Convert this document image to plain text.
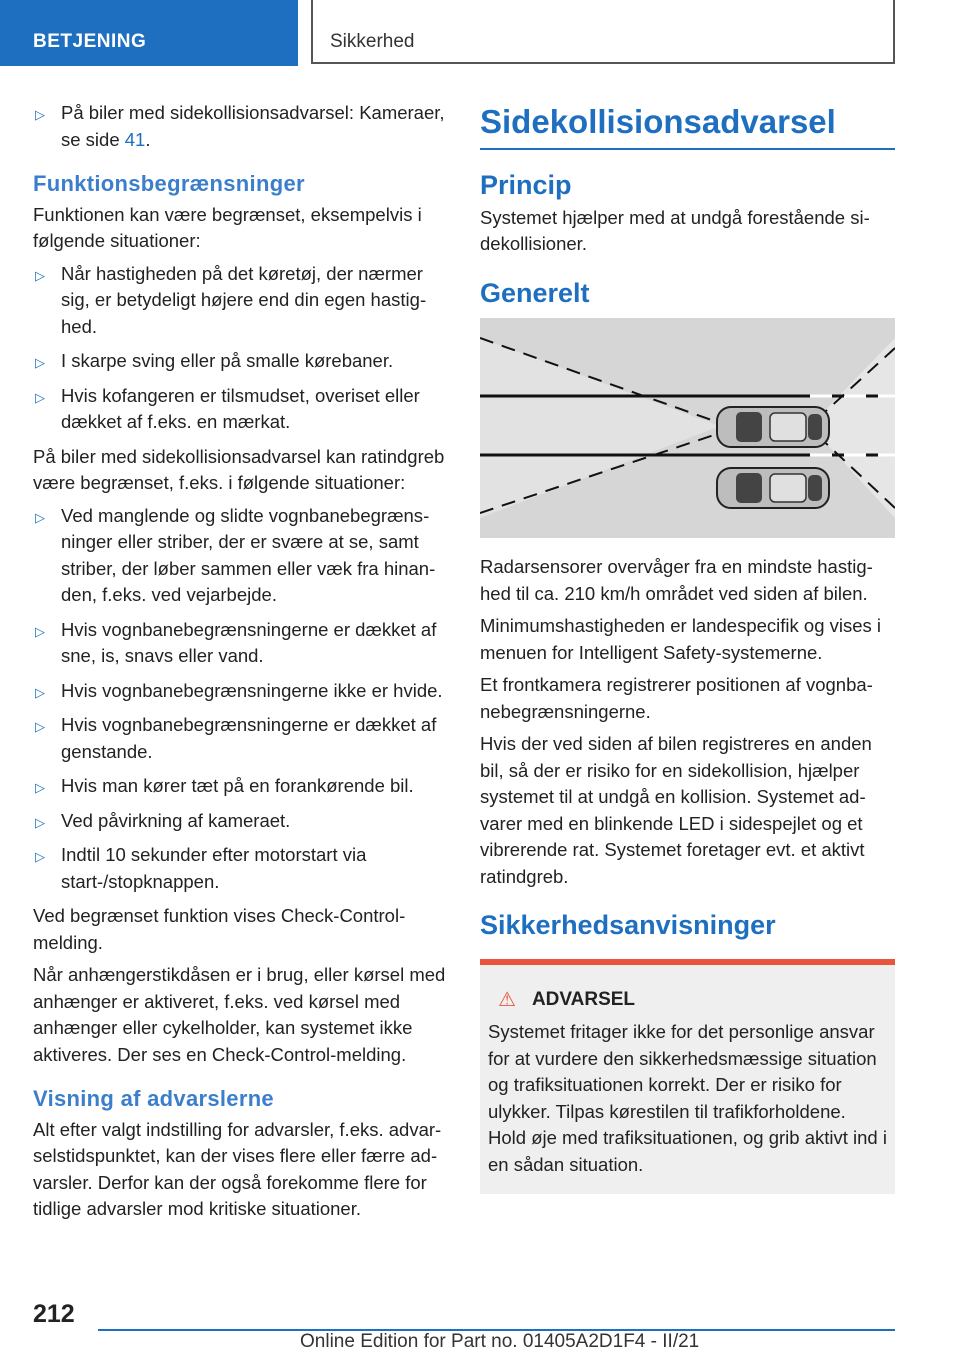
BETJENING	Sikkerhed
▷ På biler med sidekollisionsadvarsel: Kameraer, se side 41.
Funktionsbegrænsninger

Funktionen kan være begrænset, eksempelvis i følgende situationer:

▷ Når hastigheden på det køretøj, der nærmer sig, er betydeligt højere end din egen hastighed.
▷ I skarpe sving eller på smalle kørebaner.
▷ Hvis kofangeren er tilsmudset, overiset eller dækket af f.eks. en mærkat.

På biler med sidekollisionsadvarsel kan ratindgreb være begrænset, f.eks. i følgende situationer:

▷ Ved manglende og slidte vognbanebegrænsninger eller striber, der er svære at se, samt striber, der løber sammen eller væk fra hinanden, f.eks. ved vejarbejde.
▷ Hvis vognbanebegrænsningerne er dækket af sne, is, snavs eller vand.
▷ Hvis vognbanebegrænsningerne ikke er hvide.
▷ Hvis vognbanebegrænsningerne er dækket af genstande.
▷ Hvis man kører tæt på en forankørende bil.
▷ Ved påvirkning af kameraet.
▷ Indtil 10 sekunder efter motorstart via start-/stopknappen.

Ved begrænset funktion vises Check-Control-melding.

Når anhængerstikdåsen er i brug, eller kørsel med anhænger er aktiveret, f.eks. ved kørsel med anhænger eller cykelholder, kan systemet ikke aktiveres. Der ses en Check-Control-melding.

Visning af advarslerne

Alt efter valgt indstilling for advarsler, f.eks. advarselstidspunktet, kan der vises flere eller færre advarsler. Derfor kan der også forekomme flere for tidlige advarsler mod kritiske situationer.

Sidekollisionsadvarsel
Princip

Systemet hjælper med at undgå forestående sidekollisioner.

Generelt

Radarsensorer overvåger fra en mindste hastighed til ca. 210 km/h området ved siden af bilen.

Minimumshastigheden er landespecifik og vises i menuen for Intelligent Safety-systemerne.

Et frontkamera registrerer positionen af vognbanebegrænsningerne.

Hvis der ved siden af bilen registreres en anden bil, så der er risiko for en sidekollision, hjælper systemet til at undgå en kollision. Systemet advarer med en blinkende LED i sidespejlet og et vibrerende rat. Systemet foretager evt. et aktivt ratindgreb.

Sikkerhedsanvisninger
⚠ ADVARSEL
Systemet fritager ikke for det personlige ansvar for at vurdere den sikkerhedsmæssige situation og trafiksituationen korrekt. Der er risiko for ulykker. Tilpas kørestilen til trafikforholdene. Hold øje med trafiksituationen, og grib aktivt ind i en sådan situation.
212
Online Edition for Part no. 01405A2D1F4 - II/21
